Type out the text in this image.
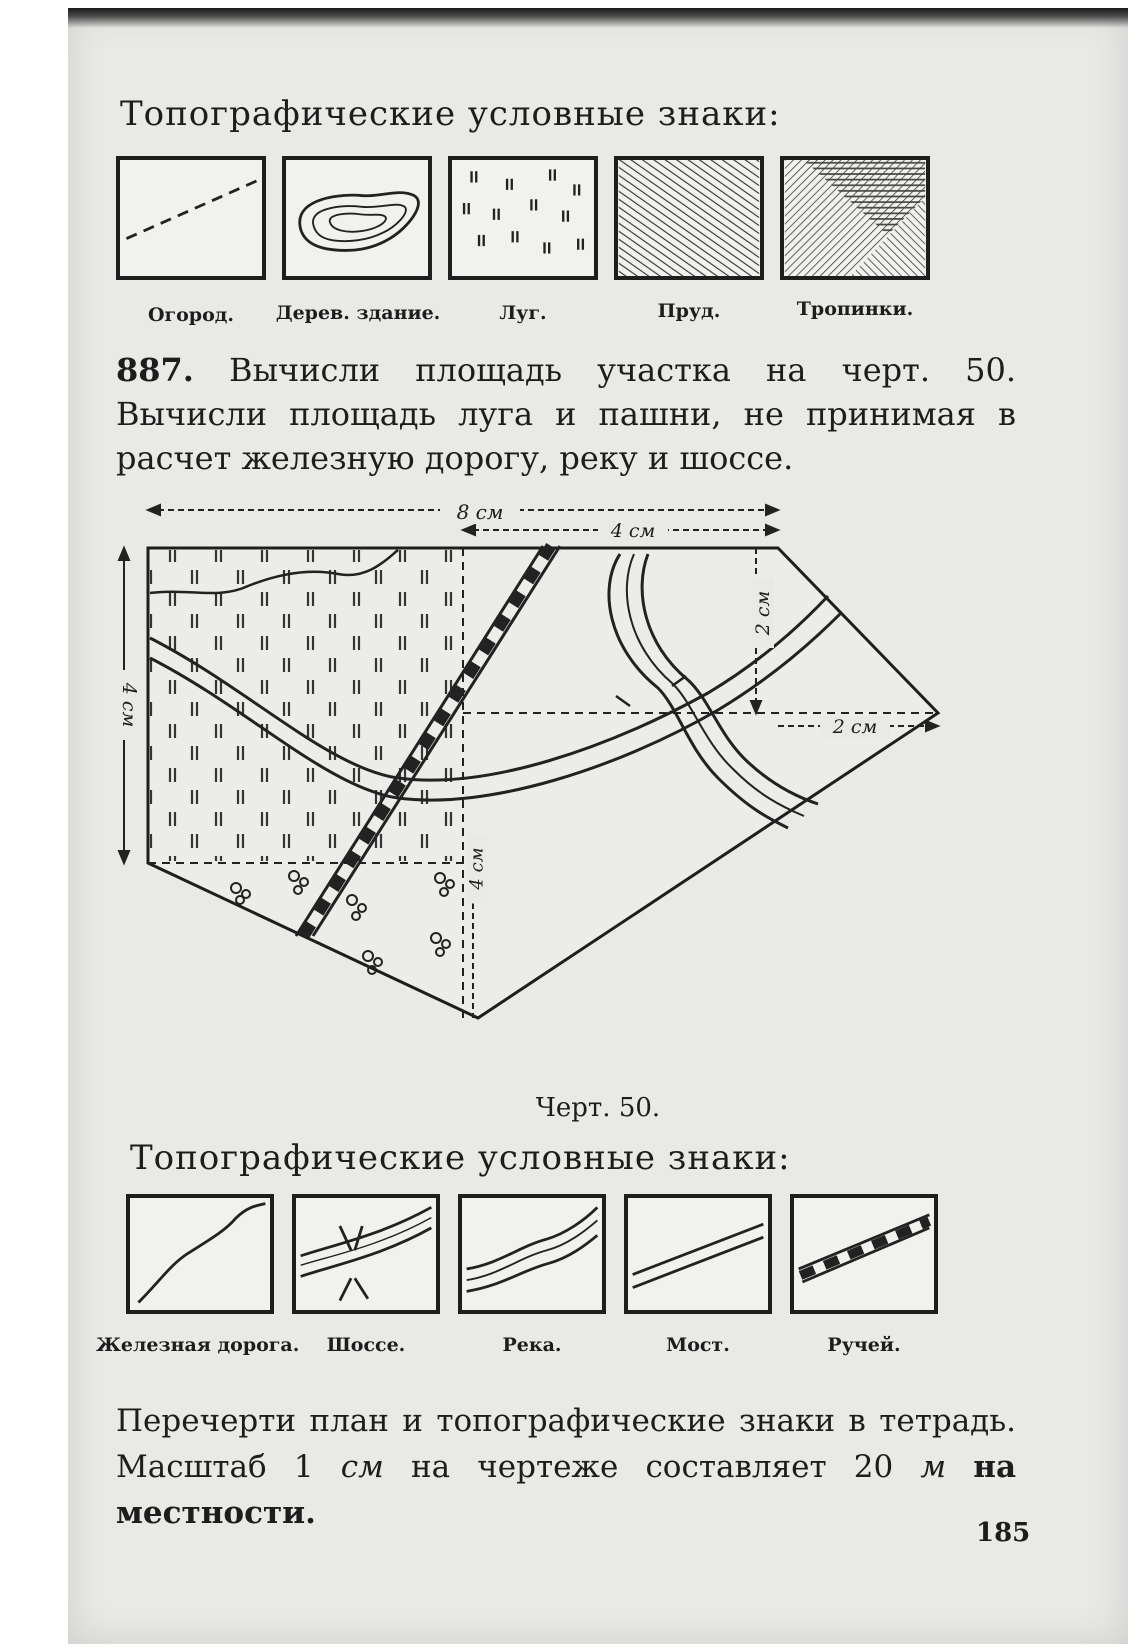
Топографические условные знаки:
Огород.	Дерев. здание.	Луг.	Пруд.	Тропинки.
887. Вычисли площадь участка на черт. 50. Вычисли площадь луга и пашни, не принимая в расчет железную дорогу, реку и шоссе.
8 см
4 см
4 см
2 см
2 см
4 см
Черт. 50.
Топографические условные знаки:
Железная дорога.	Шоссе.	Река.	Мост.	Ручей.
Перечерти план и топографические знаки в тетрадь. Масштаб 1 см на чертеже составляет 20 м на местности.
185
